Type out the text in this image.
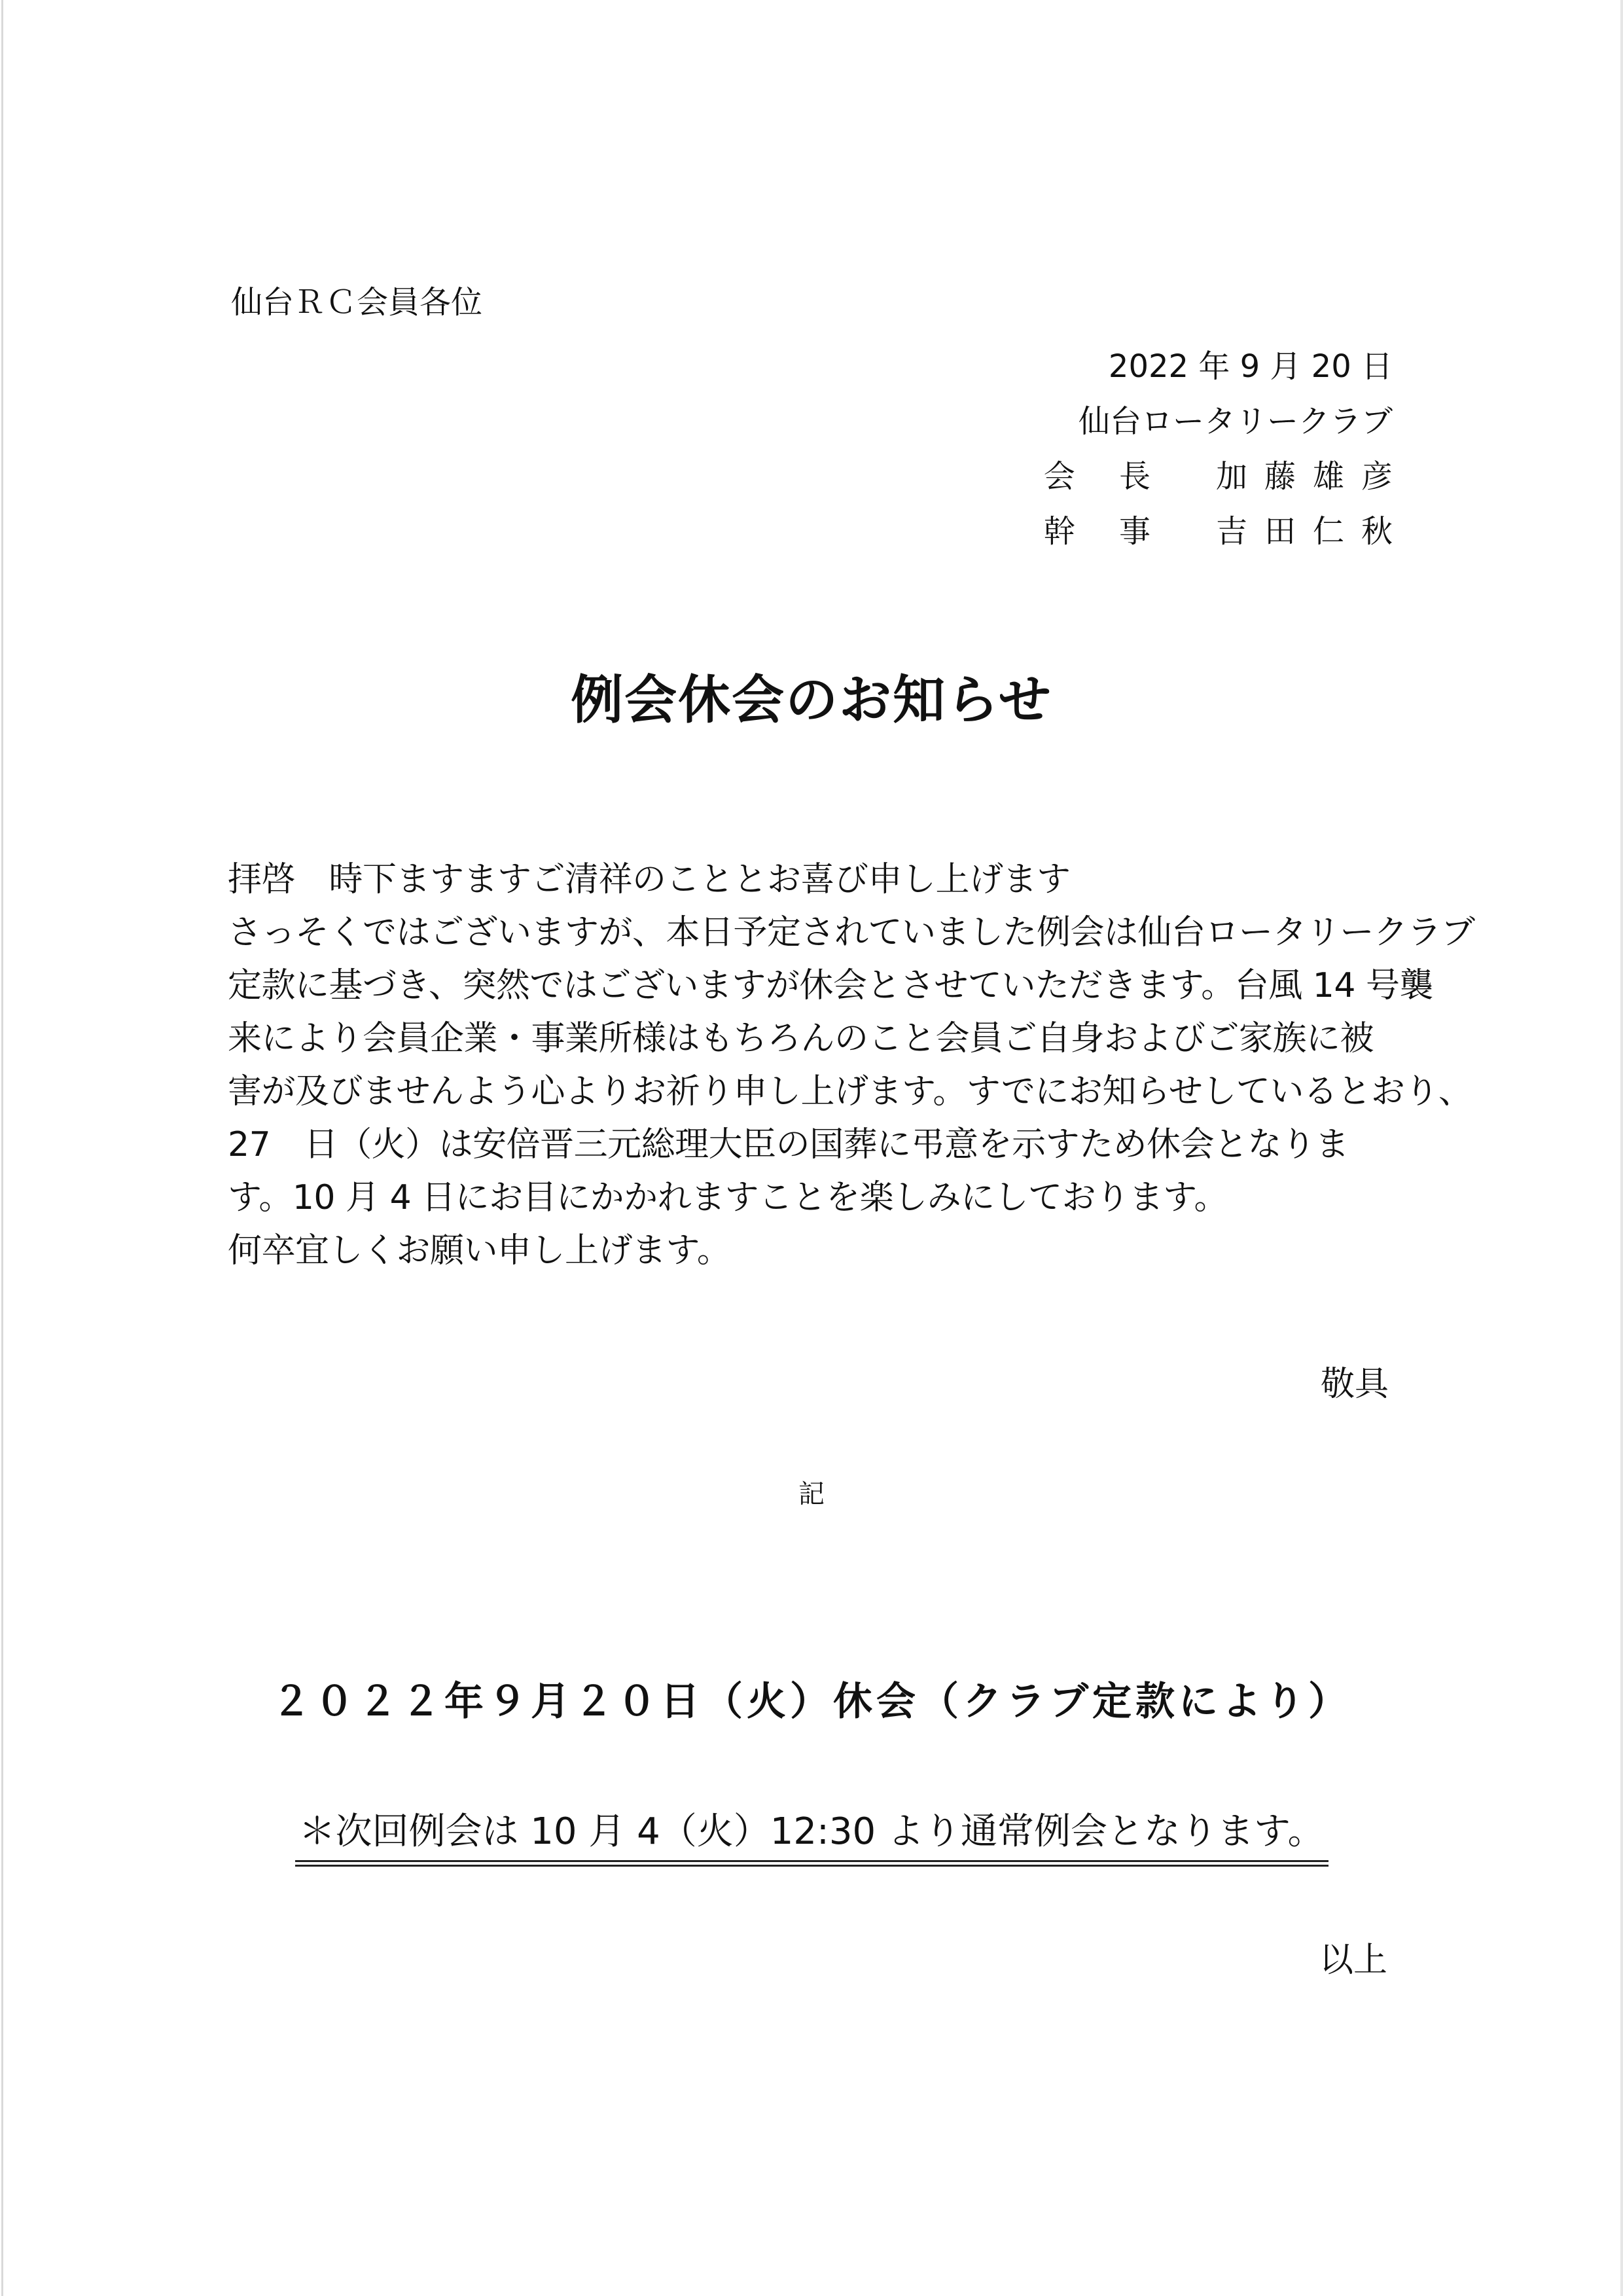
仙台ＲＣ会員各位
2022 年 9 月 20 日
仙台ロータリークラブ
会 長　加藤雄彦
幹 事　吉田仁秋
例会休会のお知らせ
拝啓　時下ますますご清祥のこととお喜び申し上げます
さっそくではございますが、本日予定されていました例会は仙台ロータリークラブ
定款に基づき、突然ではございますが休会とさせていただきます。台風 14 号襲
来により会員企業・事業所様はもちろんのこと会員ご自身およびご家族に被
害が及びませんよう心よりお祈り申し上げます。すでにお知らせしているとおり、
27　日（火）は安倍晋三元総理大臣の国葬に弔意を示すため休会となりま
す。10 月 4 日にお目にかかれますことを楽しみにしております。
何卒宜しくお願い申し上げます。
敬具
記
２０２２年９月２０日（火）休会（クラブ定款により）
＊次回例会は 10 月 4（火）12:30 より通常例会となります。
以上
